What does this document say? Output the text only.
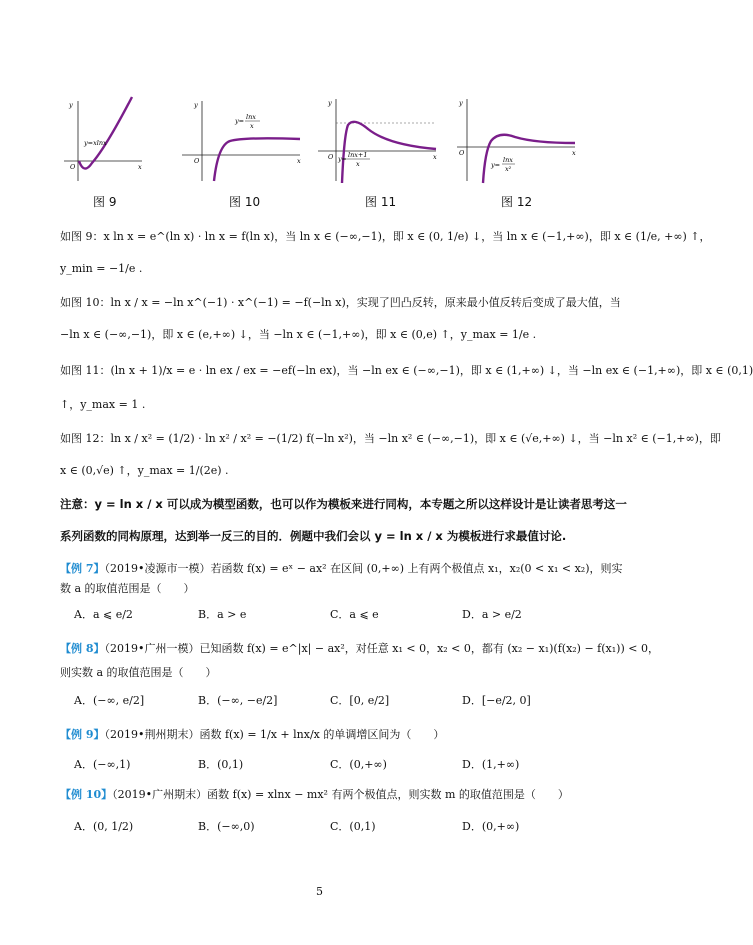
x
y
O
y=xlnx
x
y
O
y= lnx
x
x
y
O y= lnx+1
x
x
y
O
y=
lnx
x²
图 9	图 10	图 11	图 12
如图 9：x ln x = e^(ln x) · ln x = f(ln x)，当 ln x ∈ (−∞,−1)，即 x ∈ (0, 1/e) ↓，当 ln x ∈ (−1,+∞)，即 x ∈ (1/e, +∞) ↑，
y_min = −1/e .
如图 10：ln x / x = −ln x^(−1) · x^(−1) = −f(−ln x)，实现了凹凸反转，原来最小值反转后变成了最大值，当
−ln x ∈ (−∞,−1)，即 x ∈ (e,+∞) ↓，当 −ln x ∈ (−1,+∞)，即 x ∈ (0,e) ↑，y_max = 1/e .
如图 11：(ln x + 1)/x = e · ln ex / ex = −ef(−ln ex)，当 −ln ex ∈ (−∞,−1)，即 x ∈ (1,+∞) ↓，当 −ln ex ∈ (−1,+∞)，即 x ∈ (0,1)
↑，y_max = 1 .
如图 12：ln x / x² = (1/2) · ln x² / x² = −(1/2) f(−ln x²)，当 −ln x² ∈ (−∞,−1)，即 x ∈ (√e,+∞) ↓，当 −ln x² ∈ (−1,+∞)，即
x ∈ (0,√e) ↑，y_max = 1/(2e) .
注意：y = ln x / x 可以成为模型函数，也可以作为模板来进行同构，本专题之所以这样设计是让读者思考这一
系列函数的同构原理，达到举一反三的目的．例题中我们会以 y = ln x / x 为模板进行求最值讨论.
【例 7】（2019•凌源市一模）若函数 f(x) = eˣ − ax² 在区间 (0,+∞) 上有两个极值点 x₁，x₂(0 < x₁ < x₂)，则实
数 a 的取值范围是（　　）
A．a ⩽ e/2	B．a > e	C．a ⩽ e	D．a > e/2
【例 8】（2019•广州一模）已知函数 f(x) = e^|x| − ax²，对任意 x₁ < 0，x₂ < 0，都有 (x₂ − x₁)(f(x₂) − f(x₁)) < 0，
则实数 a 的取值范围是（　　）
A．(−∞, e/2]	B．(−∞, −e/2]	C．[0, e/2]	D．[−e/2, 0]
【例 9】（2019•荆州期末）函数 f(x) = 1/x + lnx/x 的单调增区间为（　　）
A．(−∞,1)	B．(0,1)	C．(0,+∞)	D．(1,+∞)
【例 10】（2019•广州期末）函数 f(x) = xlnx − mx² 有两个极值点，则实数 m 的取值范围是（　　）
A．(0, 1/2)	B．(−∞,0)	C．(0,1)	D．(0,+∞)
5
